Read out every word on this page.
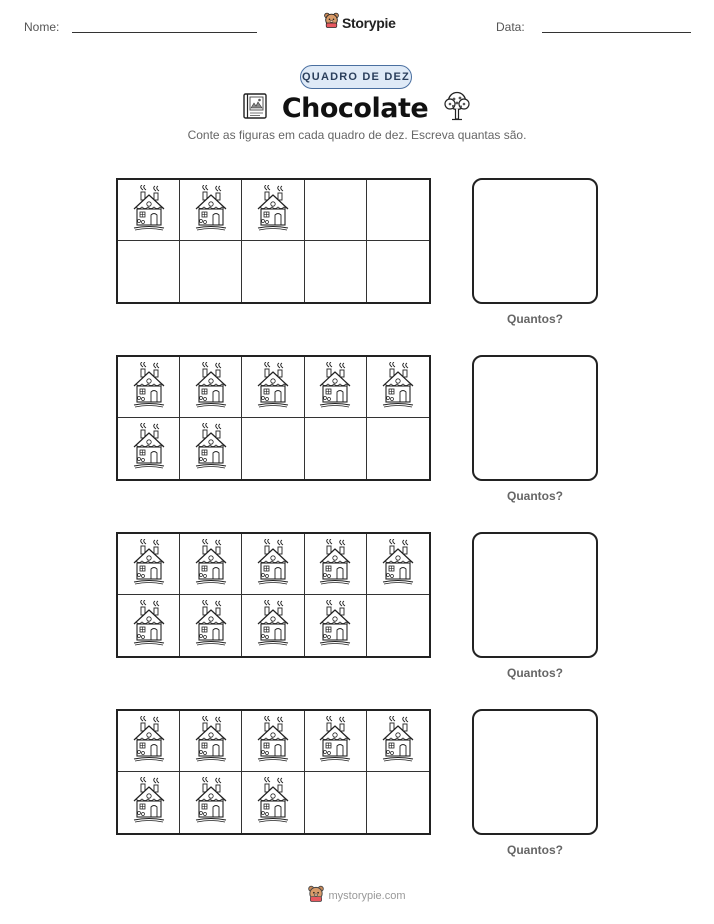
Nome:	Storypie	Data:
QUADRO DE DEZ
Chocolate
Conte as figuras em cada quadro de dez. Escreva quantas são.
Quantos?
Quantos?
Quantos?
Quantos?
mystorypie.com
